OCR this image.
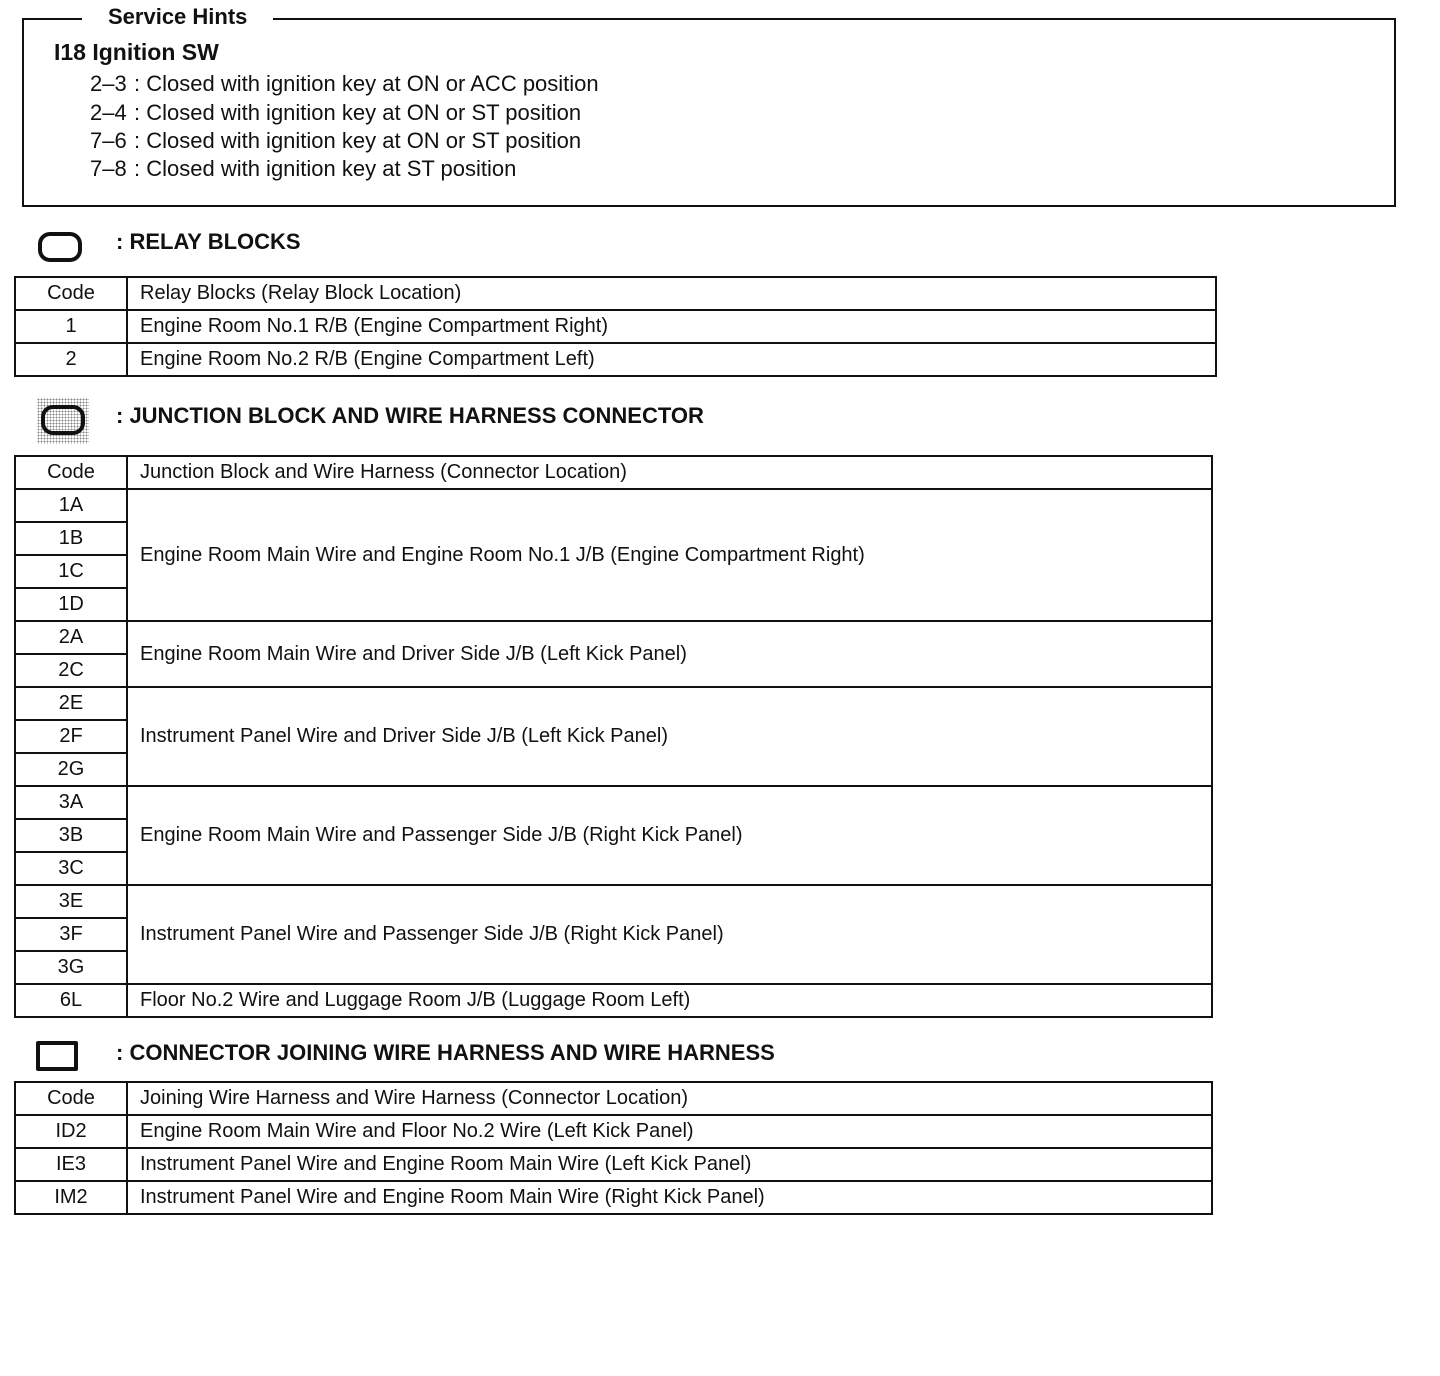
Service Hints
I18 Ignition SW
2–3 : Closed with ignition key at ON or ACC position
2–4 : Closed with ignition key at ON or ST position
7–6 : Closed with ignition key at ON or ST position
7–8 : Closed with ignition key at ST position
: RELAY BLOCKS
Code	Relay Blocks (Relay Block Location)
1	Engine Room No.1 R/B (Engine Compartment Right)
2	Engine Room No.2 R/B (Engine Compartment Left)
: JUNCTION BLOCK AND WIRE HARNESS CONNECTOR
Code	Junction Block and Wire Harness (Connector Location)
1A	Engine Room Main Wire and Engine Room No.1 J/B (Engine Compartment Right)
1B	
1C	
1D	
2A	Engine Room Main Wire and Driver Side J/B (Left Kick Panel)
2C	
2E	Instrument Panel Wire and Driver Side J/B (Left Kick Panel)
2F	
2G	
3A	Engine Room Main Wire and Passenger Side J/B (Right Kick Panel)
3B	
3C	
3E	Instrument Panel Wire and Passenger Side J/B (Right Kick Panel)
3F	
3G	
6L	Floor No.2 Wire and Luggage Room J/B (Luggage Room Left)
: CONNECTOR JOINING WIRE HARNESS AND WIRE HARNESS
Code	Joining Wire Harness and Wire Harness (Connector Location)
ID2	Engine Room Main Wire and Floor No.2 Wire (Left Kick Panel)
IE3	Instrument Panel Wire and Engine Room Main Wire (Left Kick Panel)
IM2	Instrument Panel Wire and Engine Room Main Wire (Right Kick Panel)
